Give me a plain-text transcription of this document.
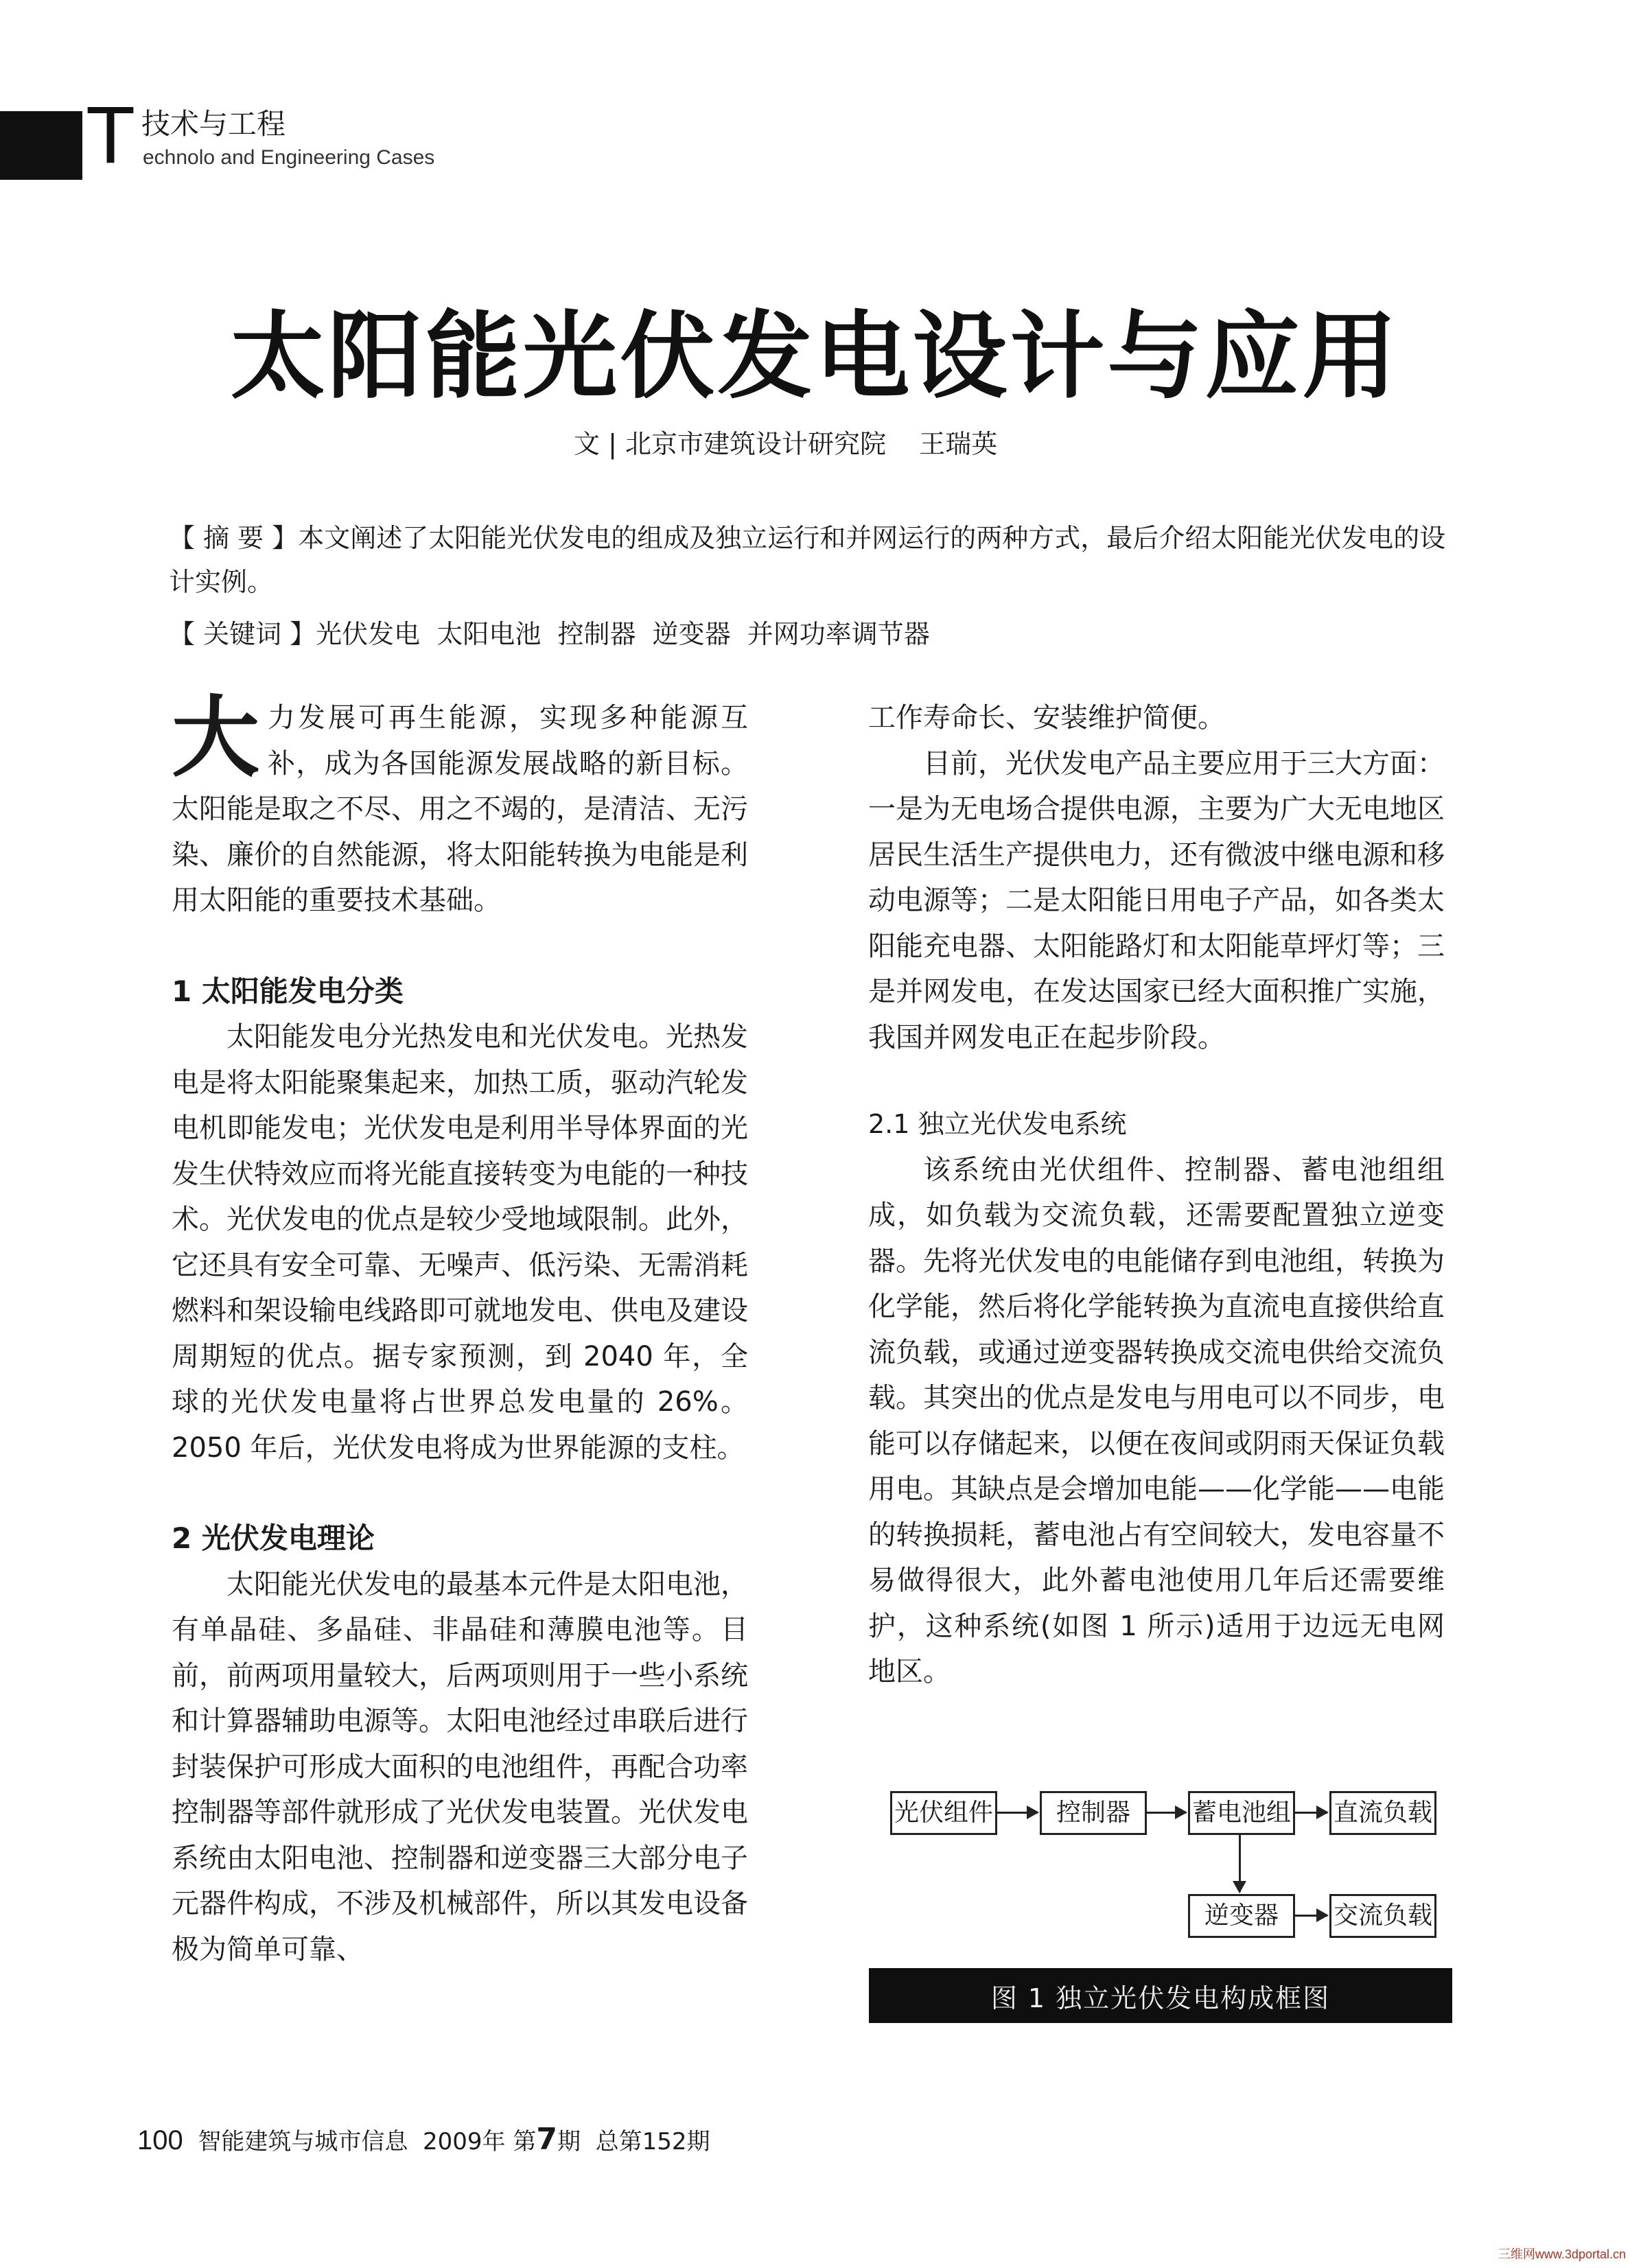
T 技术与工程
echnolo and Engineering Cases
太阳能光伏发电设计与应用
文 | 北京市建筑设计研究院    王瑞英
【 摘 要 】本文阐述了太阳能光伏发电的组成及独立运行和并网运行的两种方式，最后介绍太阳能光伏发电的设计实例。
【 关键词 】光伏发电  太阳电池  控制器  逆变器  并网功率调节器

大力发展可再生能源，实现多种能源互补，成为各国能源发展战略的新目标。太阳能是取之不尽、用之不竭的，是清洁、无污染、廉价的自然能源，将太阳能转换为电能是利用太阳能的重要技术基础。

1 太阳能发电分类

太阳能发电分光热发电和光伏发电。光热发电是将太阳能聚集起来，加热工质，驱动汽轮发电机即能发电；光伏发电是利用半导体界面的光发生伏特效应而将光能直接转变为电能的一种技术。光伏发电的优点是较少受地域限制。此外，它还具有安全可靠、无噪声、低污染、无需消耗燃料和架设输电线路即可就地发电、供电及建设周期短的优点。据专家预测，到 2040 年，全球的光伏发电量将占世界总发电量的 26%。2050 年后，光伏发电将成为世界能源的支柱。

2 光伏发电理论

太阳能光伏发电的最基本元件是太阳电池，有单晶硅、多晶硅、非晶硅和薄膜电池等。目前，前两项用量较大，后两项则用于一些小系统和计算器辅助电源等。太阳电池经过串联后进行封装保护可形成大面积的电池组件，再配合功率控制器等部件就形成了光伏发电装置。光伏发电系统由太阳电池、控制器和逆变器三大部分电子元器件构成，不涉及机械部件，所以其发电设备极为简单可靠、

工作寿命长、安装维护简便。

目前，光伏发电产品主要应用于三大方面：一是为无电场合提供电源，主要为广大无电地区居民生活生产提供电力，还有微波中继电源和移动电源等；二是太阳能日用电子产品，如各类太阳能充电器、太阳能路灯和太阳能草坪灯等；三是并网发电，在发达国家已经大面积推广实施，我国并网发电正在起步阶段。

2.1 独立光伏发电系统

该系统由光伏组件、控制器、蓄电池组组成，如负载为交流负载，还需要配置独立逆变器。先将光伏发电的电能储存到电池组，转换为化学能，然后将化学能转换为直流电直接供给直流负载，或通过逆变器转换成交流电供给交流负载。其突出的优点是发电与用电可以不同步，电能可以存储起来，以便在夜间或阴雨天保证负载用电。其缺点是会增加电能——化学能——电能的转换损耗，蓄电池占有空间较大，发电容量不易做得很大，此外蓄电池使用几年后还需要维护，这种系统(如图 1 所示)适用于边远无电网地区。

光伏组件	控制器	蓄电池组 直流负载
逆变器	交流负载
图 1 独立光伏发电构成框图
100 智能建筑与城市信息 2009年 第7期 总第152期
三维网www.3dportal.cn
